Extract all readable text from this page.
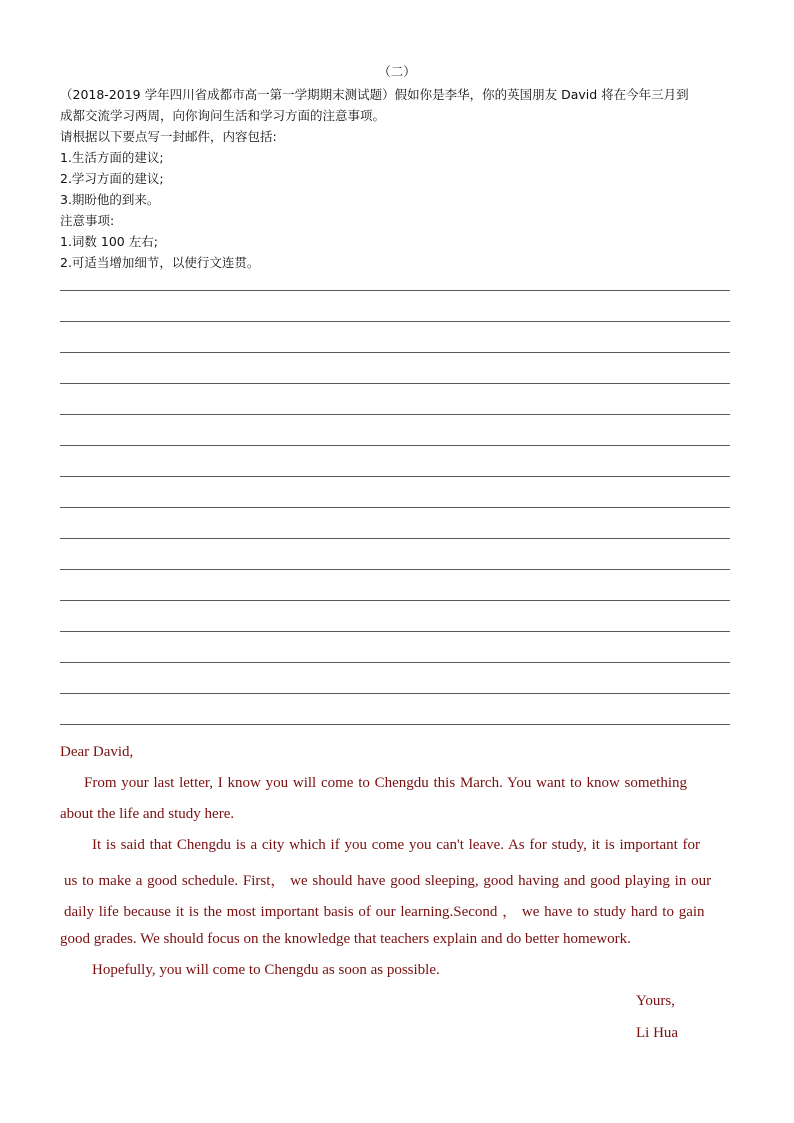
（二）
（2018-2019 学年四川省成都市高一第一学期期末测试题）假如你是李华，你的英国朋友 David 将在今年三月到
成都交流学习两周，向你询问生活和学习方面的注意事项。
请根据以下要点写一封邮件，内容包括:
1.生活方面的建议;
2.学习方面的建议;
3.期盼他的到来。
注意事项:
1.词数 100 左右;
2.可适当增加细节，以使行文连贯。
Dear David,
From your last letter, I know you will come to Chengdu this March. You want to know something
about the life and study here.
It is said that Chengdu is a city which if you come you can't leave. As for study, it is important for
us to make a good schedule. First， we should have good sleeping, good having and good playing in our
daily life because it is the most important basis of our learning.Second ， we have to study hard to gain
good grades. We should focus on the knowledge that teachers explain and do better homework.
Hopefully, you will come to Chengdu as soon as possible.
Yours,
Li Hua
